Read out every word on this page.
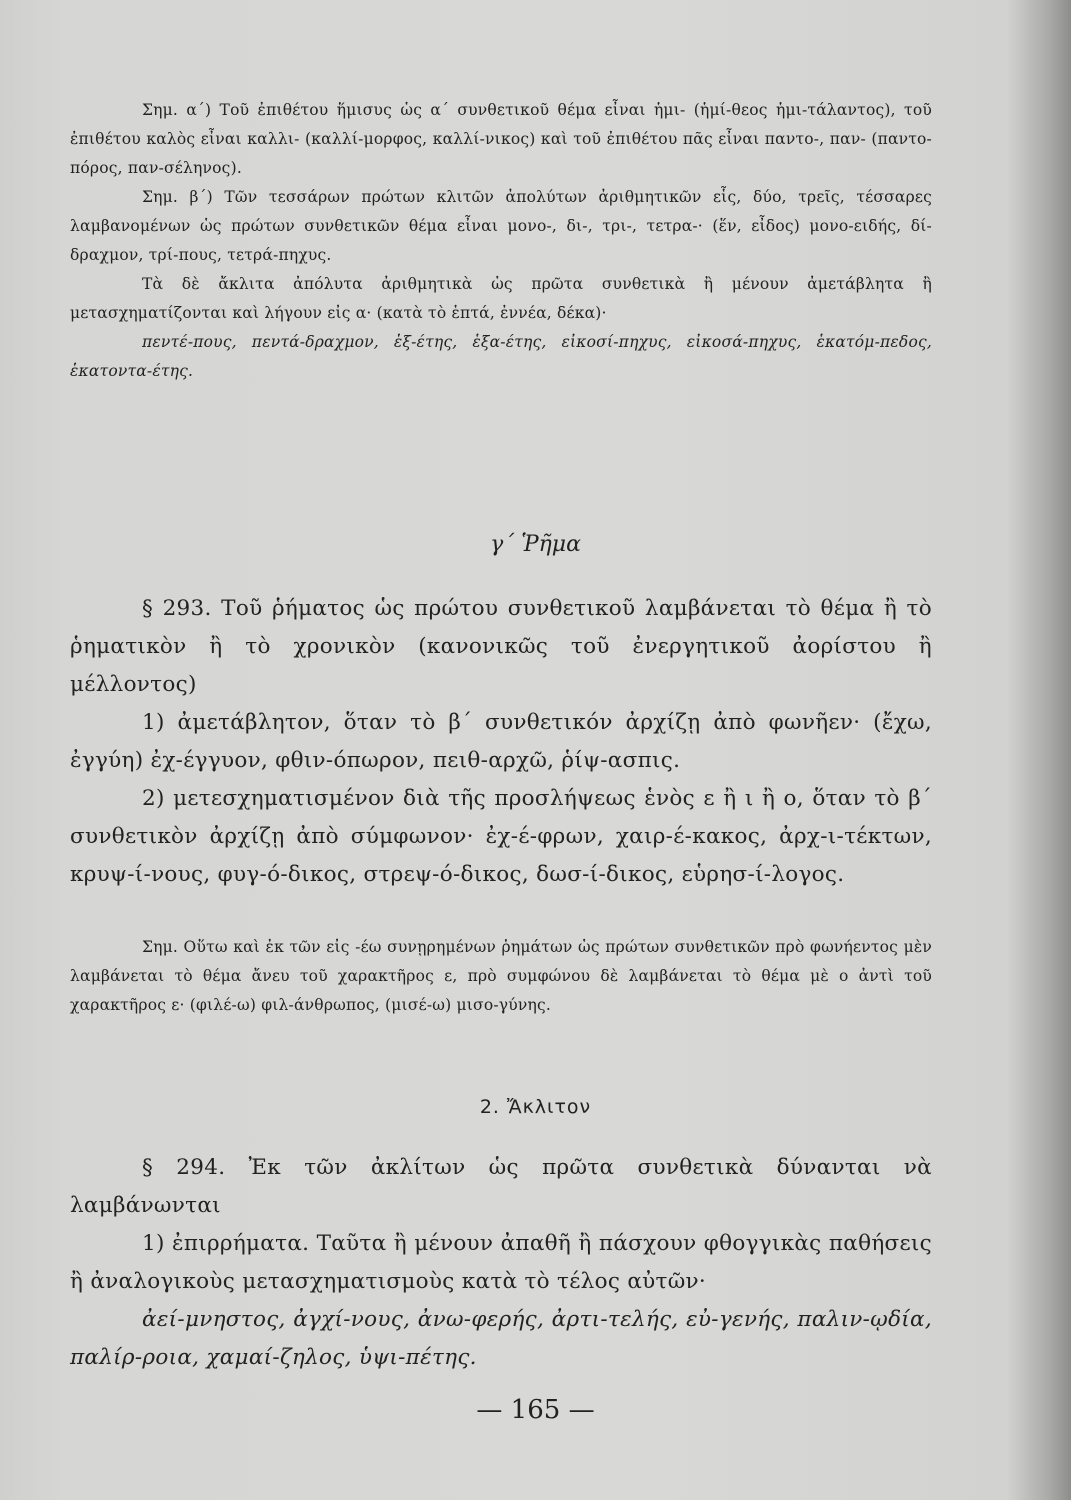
Σημ. α΄) Τοῦ ἐπιθέτου ἥμισυς ὡς α΄ συνθετικοῦ θέμα εἶναι ἡμι- (ἡμί-θεος ἡμι-τάλαντος), τοῦ ἐπιθέτου καλὸς εἶναι καλλι- (καλλί-μορφος, καλλί-νικος) καὶ τοῦ ἐπιθέτου πᾶς εἶναι παντο-, παν- (παντο-πόρος, παν-σέληνος).

Σημ. β΄) Τῶν τεσσάρων πρώτων κλιτῶν ἀπολύτων ἀριθμητικῶν εἷς, δύο, τρεῖς, τέσσαρες λαμβανομένων ὡς πρώτων συνθετικῶν θέμα εἶναι μονο-, δι-, τρι-, τετρα-· (ἕν, εἶδος) μονο-ειδής, δί-δραχμον, τρί-πους, τετρά-πηχυς.

Τὰ δὲ ἄκλιτα ἀπόλυτα ἀριθμητικὰ ὡς πρῶτα συνθετικὰ ἢ μένουν ἀμετάβλητα ἢ μετασχηματίζονται καὶ λήγουν εἰς α· (κατὰ τὸ ἑπτά, ἐννέα, δέκα)·

πεντέ-πους, πεντά-δραχμον, ἑξ-έτης, ἑξα-έτης, εἰκοσί-πηχυς, εἰκοσά-πηχυς, ἑκατόμ-πεδος, ἑκατοντα-έτης.

γ΄ Ῥῆμα

§ 293. Τοῦ ῥήματος ὡς πρώτου συνθετικοῦ λαμβάνεται τὸ θέμα ἢ τὸ ῥηματικὸν ἢ τὸ χρονικὸν (κανονικῶς τοῦ ἐνεργητικοῦ ἀορίστου ἢ μέλλοντος)

1) ἀμετάβλητον, ὅταν τὸ β΄ συνθετικόν ἀρχίζῃ ἀπὸ φωνῆεν· (ἔχω, ἐγγύη) ἐχ-έγγυον, φθιν-όπωρον, πειθ-αρχῶ, ῥίψ-ασπις.

2) μετεσχηματισμένον διὰ τῆς προσλήψεως ἑνὸς ε ἢ ι ἢ ο, ὅταν τὸ β΄ συνθετικὸν ἀρχίζῃ ἀπὸ σύμφωνον· ἐχ-έ-φρων, χαιρ-έ-κακος, ἀρχ-ι-τέκτων, κρυψ-ί-νους, φυγ-ό-δικος, στρεψ-ό-δικος, δωσ-ί-δικος, εὑρησ-ί-λογος.

Σημ. Οὕτω καὶ ἐκ τῶν εἰς -έω συνῃρημένων ῥημάτων ὡς πρώτων συνθετικῶν πρὸ φωνήεντος μὲν λαμβάνεται τὸ θέμα ἄνευ τοῦ χαρακτῆρος ε, πρὸ συμφώνου δὲ λαμβάνεται τὸ θέμα μὲ ο ἀντὶ τοῦ χαρακτῆρος ε· (φιλέ-ω) φιλ-άνθρωπος, (μισέ-ω) μισο-γύνης.

2. Ἄκλιτον

§ 294. Ἐκ τῶν ἀκλίτων ὡς πρῶτα συνθετικὰ δύνανται νὰ λαμβάνωνται

1) ἐπιρρήματα. Ταῦτα ἢ μένουν ἀπαθῆ ἢ πάσχουν φθογγικὰς παθήσεις ἢ ἀναλογικοὺς μετασχηματισμοὺς κατὰ τὸ τέλος αὐτῶν·

ἀεί-μνηστος, ἀγχί-νους, ἀνω-φερής, ἀρτι-τελής, εὐ-γενής, παλιν-ῳδία, παλίρ-ροια, χαμαί-ζηλος, ὑψι-πέτης.

— 165 —
